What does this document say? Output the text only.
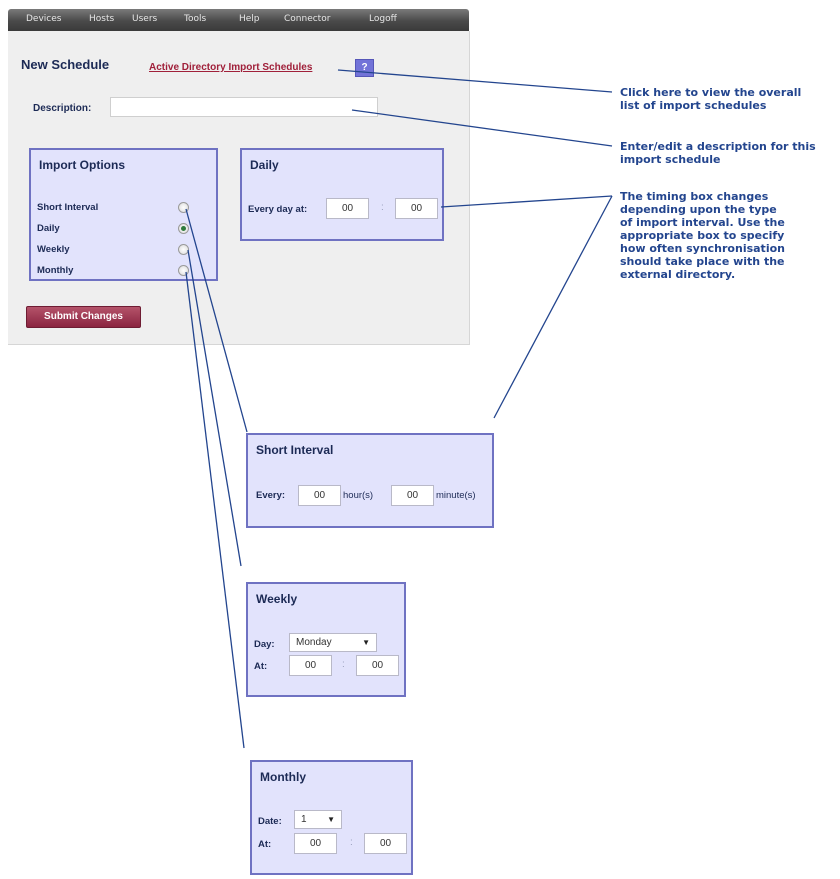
Devices	Hosts Users	Tools	Help	Connector	Logoff
New Schedule	Active Directory Import Schedules	?
Description:
Import Options
Short Interval
Daily
Weekly
Monthly
Daily
Every day at:	00	:	00
Submit Changes
Short Interval
Every:	00	hour(s)	00	minute(s)
Weekly
Day:	Monday	▼
At:	00	:	00
Monthly
Date:	1	▼
At:	00	:	00
Click here to view the overall
list of import schedules
Enter/edit a description for this
import schedule
The timing box changes
depending upon the type
of import interval. Use the
appropriate box to specify
how often synchronisation
should take place with the
external directory.
